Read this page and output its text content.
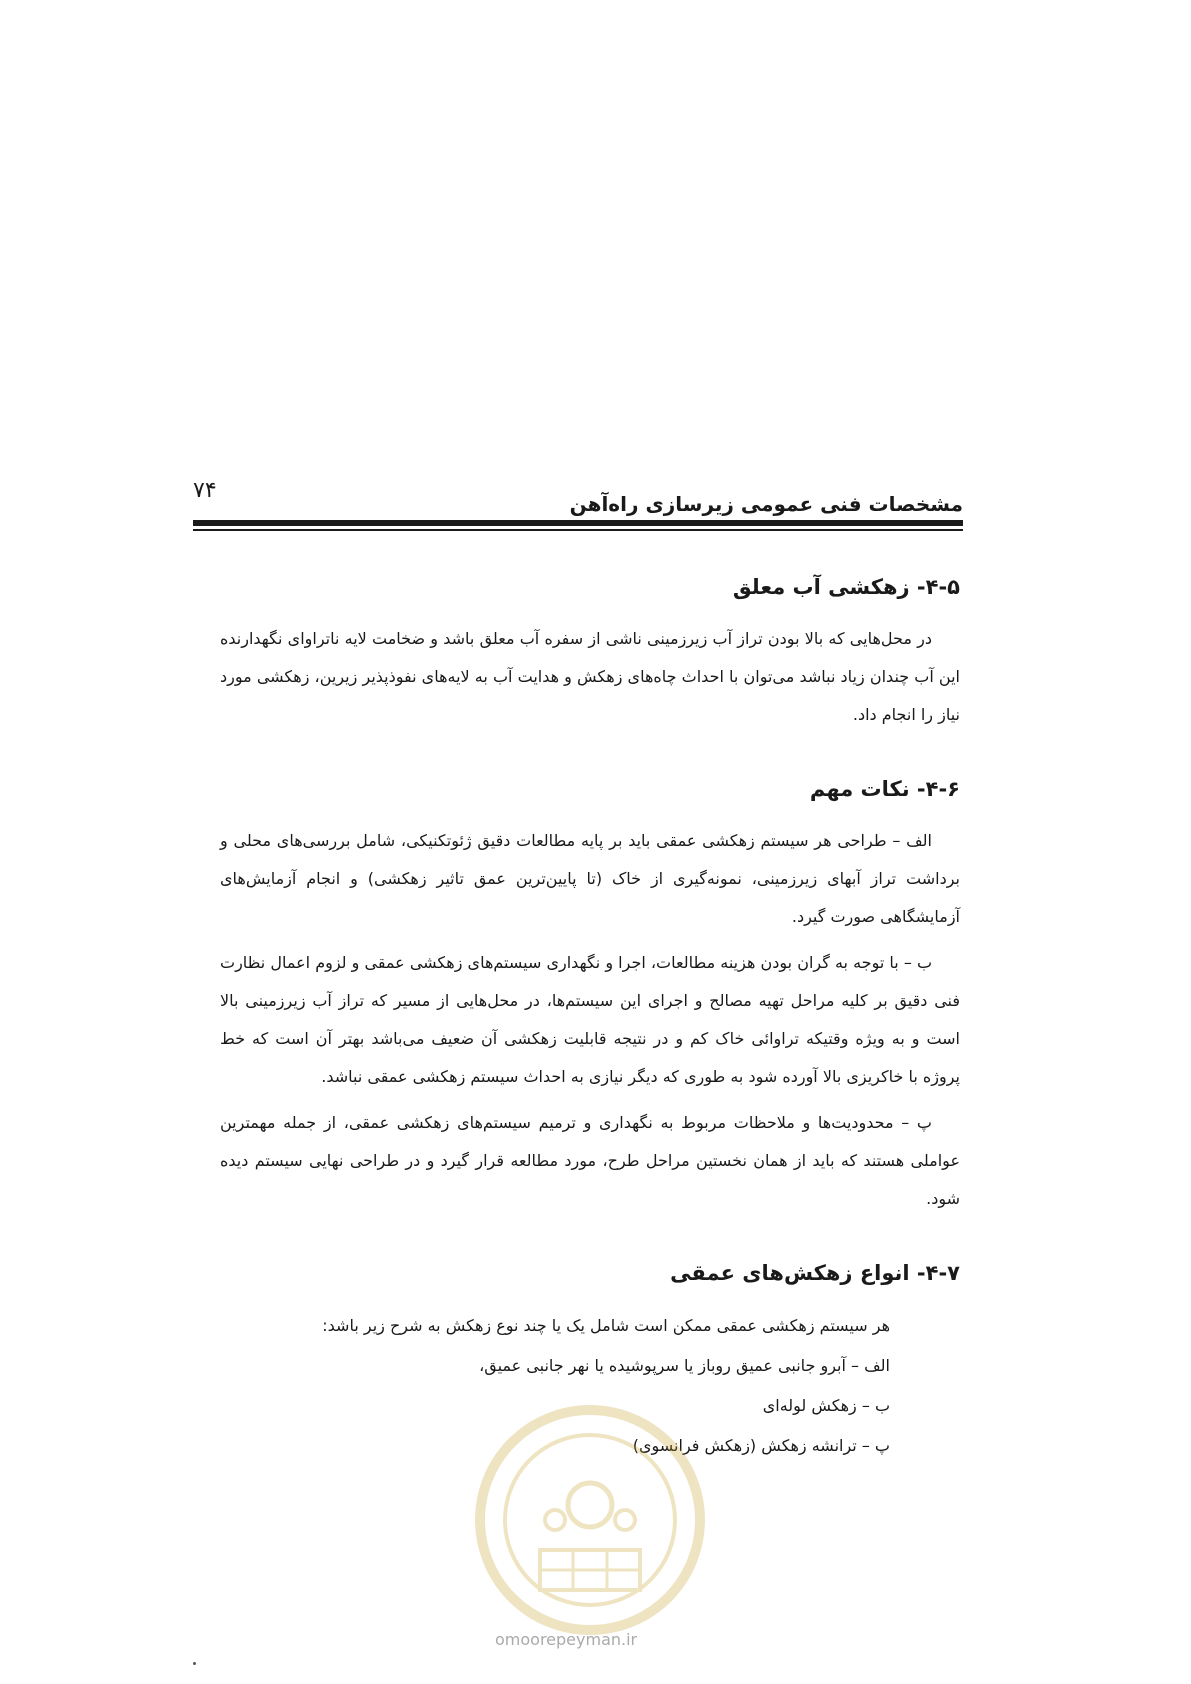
۷۴
مشخصات فنی عمومی زیرسازی راه‌آهن
۴-۵- زهکشی آب معلق

در محل‌هایی که بالا بودن تراز آب زیرزمینی ناشی از سفره آب معلق باشد و ضخامت لایه ناتراوای نگهدارنده این آب چندان زیاد نباشد می‌توان با احداث چاه‌های زهکش و هدایت آب به لایه‌های نفوذپذیر زیرین، زهکشی مورد نیاز را انجام داد.

۴-۶- نکات مهم

الف – طراحی هر سیستم زهکشی عمقی باید بر پایه مطالعات دقیق ژئوتکنیکی، شامل بررسی‌های محلی و برداشت تراز آبهای زیرزمینی، نمونه‌گیری از خاک (تا پایین‌ترین عمق تاثیر زهکشی) و انجام آزمایش‌های آزمایشگاهی صورت گیرد.

ب – با توجه به گران بودن هزینه مطالعات، اجرا و نگهداری سیستم‌های زهکشی عمقی و لزوم اعمال نظارت فنی دقیق بر کلیه مراحل تهیه مصالح و اجرای این سیستم‌ها، در محل‌هایی از مسیر که تراز آب زیرزمینی بالا است و به ویژه وقتیکه تراوائی خاک کم و در نتیجه قابلیت زهکشی آن ضعیف می‌باشد بهتر آن است که خط پروژه با خاکریزی بالا آورده شود به طوری که دیگر نیازی به احداث سیستم زهکشی عمقی نباشد.

پ – محدودیت‌ها و ملاحظات مربوط به نگهداری و ترمیم سیستم‌های زهکشی عمقی، از جمله مهمترین عواملی هستند که باید از همان نخستین مراحل طرح، مورد مطالعه قرار گیرد و در طراحی نهایی سیستم دیده شود.

۴-۷- انواع زهکش‌های عمقی
هر سیستم زهکشی عمقی ممکن است شامل یک یا چند نوع زهکش به شرح زیر باشد:
الف – آبرو جانبی عمیق روباز یا سرپوشیده یا نهر جانبی عمیق،
ب – زهکش لوله‌ای
پ – ترانشه زهکش (زهکش فرانسوی)
omoorepeyman.ir
